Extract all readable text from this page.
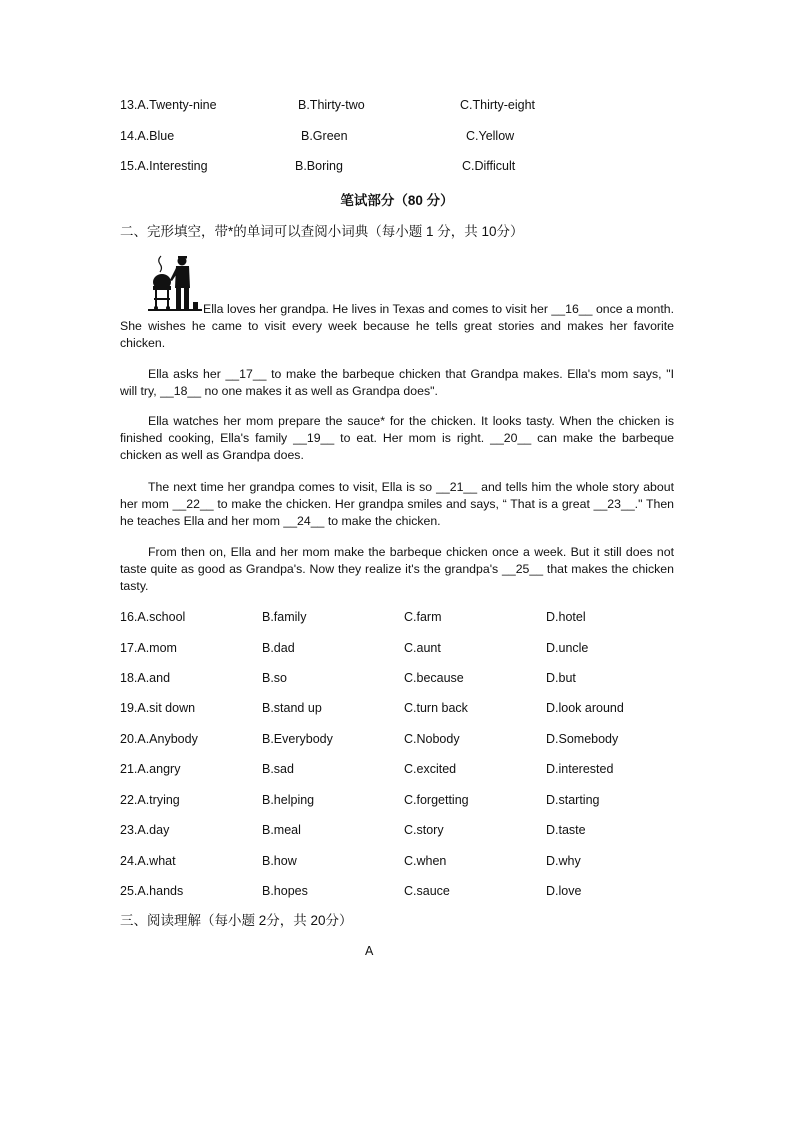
13.A.Twenty-nine	B.Thirty-two	C.Thirty-eight
14.A.Blue	B.Green	C.Yellow
15.A.Interesting	B.Boring	C.Difficult
笔试部分（80 分）
二、完形填空，带*的单词可以查阅小词典（每小题 1 分，共 10分）

Ella loves her grandpa. He lives in Texas and comes to visit her __16__ once a month. She wishes he came to visit every week because he tells great stories and makes her favorite chicken.

Ella asks her __17__ to make the barbeque chicken that Grandpa makes. Ella's mom says, "I will try, __18__ no one makes it as well as Grandpa does".

Ella watches her mom prepare the sauce* for the chicken. It looks tasty. When the chicken is finished cooking, Ella's family __19__ to eat. Her mom is right. __20__ can make the barbeque chicken as well as Grandpa does.

The next time her grandpa comes to visit, Ella is so __21__ and tells him the whole story about her mom __22__ to make the chicken. Her grandpa smiles and says, “ That is a great __23__." Then he teaches Ella and her mom __24__ to make the chicken.

From then on, Ella and her mom make the barbeque chicken once a week. But it still does not taste quite as good as Grandpa's. Now they realize it's the grandpa's __25__ that makes the chicken tasty.

16.A.school	B.family	C.farm	D.hotel
17.A.mom	B.dad	C.aunt	D.uncle
18.A.and	B.so	C.because	D.but
19.A.sit down	B.stand up	C.turn back	D.look around
20.A.Anybody	B.Everybody	C.Nobody	D.Somebody
21.A.angry	B.sad	C.excited	D.interested
22.A.trying	B.helping	C.forgetting	D.starting
23.A.day	B.meal	C.story	D.taste
24.A.what	B.how	C.when	D.why
25.A.hands	B.hopes	C.sauce	D.love
三、阅读理解（每小题 2分，共 20分）
A
